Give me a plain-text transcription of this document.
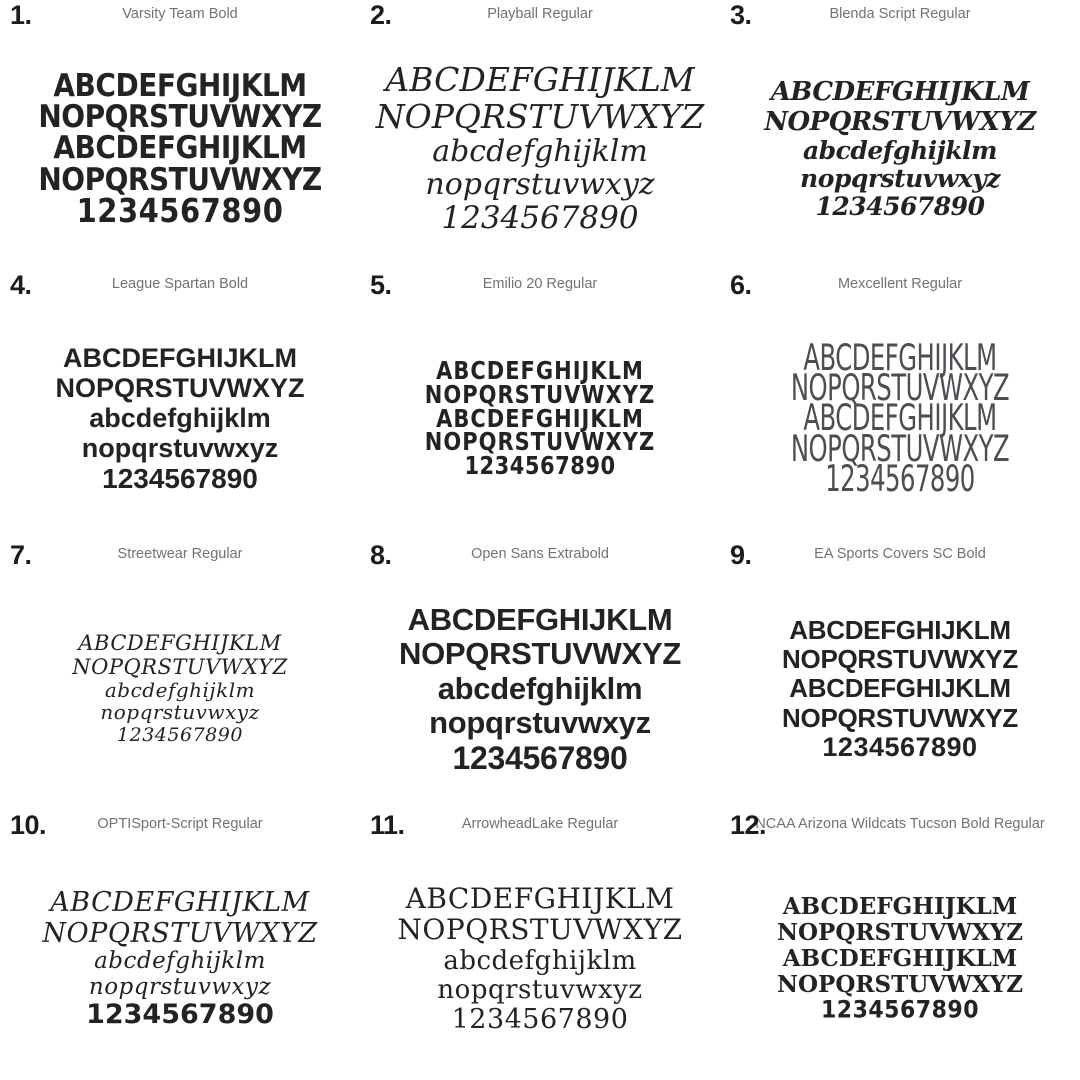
1.	Varsity Team Bold
ABCDEFGHIJKLM
NOPQRSTUVWXYZ
ABCDEFGHIJKLM
NOPQRSTUVWXYZ
1234567890
2.	Playball Regular
ABCDEFGHIJKLM
NOPQRSTUVWXYZ
abcdefghijklm
nopqrstuvwxyz
1234567890
3.	Blenda Script Regular
ABCDEFGHIJKLM
NOPQRSTUVWXYZ
abcdefghijklm
nopqrstuvwxyz
1234567890
4.	League Spartan Bold
ABCDEFGHIJKLM
NOPQRSTUVWXYZ
abcdefghijklm
nopqrstuvwxyz
1234567890
5.	Emilio 20 Regular
ABCDEFGHIJKLM
NOPQRSTUVWXYZ
ABCDEFGHIJKLM
NOPQRSTUVWXYZ
1234567890
6.	Mexcellent Regular
ABCDEFGHIJKLM
NOPQRSTUVWXYZ
ABCDEFGHIJKLM
NOPQRSTUVWXYZ
1234567890
7.	Streetwear Regular
ABCDEFGHIJKLM
NOPQRSTUVWXYZ
abcdefghijklm
nopqrstuvwxyz
1234567890
8.	Open Sans Extrabold
ABCDEFGHIJKLM
NOPQRSTUVWXYZ
abcdefghijklm
nopqrstuvwxyz
1234567890
9.	EA Sports Covers SC Bold
ABCDEFGHIJKLM
NOPQRSTUVWXYZ
ABCDEFGHIJKLM
NOPQRSTUVWXYZ
1234567890
10.	OPTISport-Script Regular
ABCDEFGHIJKLM
NOPQRSTUVWXYZ
abcdefghijklm
nopqrstuvwxyz
1234567890
11.	ArrowheadLake Regular
ABCDEFGHIJKLM
NOPQRSTUVWXYZ
abcdefghijklm
nopqrstuvwxyz
1234567890
12.
NCAA Arizona Wildcats Tucson Bold Regular
ABCDEFGHIJKLM
NOPQRSTUVWXYZ
ABCDEFGHIJKLM
NOPQRSTUVWXYZ
1234567890
